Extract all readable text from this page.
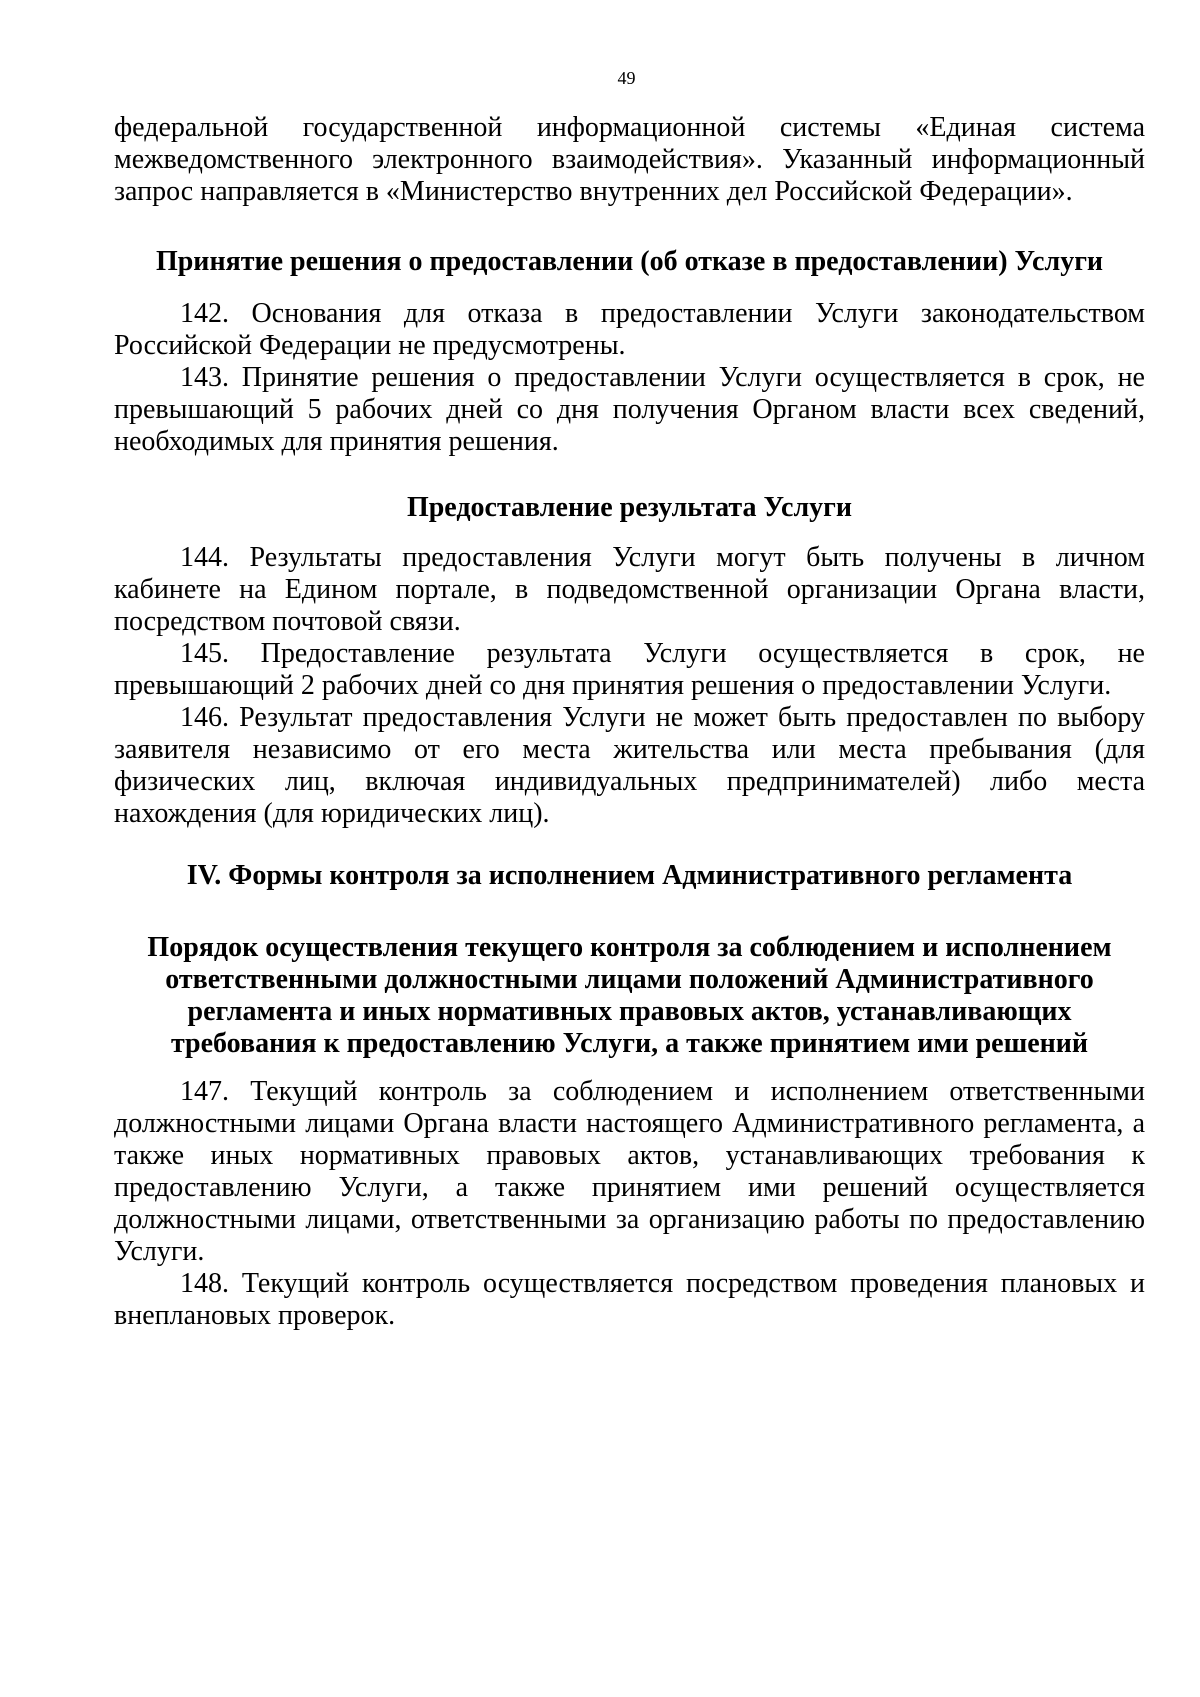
49

федеральной государственной информационной системы «Единая система межведомственного электронного взаимодействия». Указанный информационный запрос направляется в «Министерство внутренних дел Российской Федерации».

Принятие решения о предоставлении (об отказе в предоставлении) Услуги

142. Основания для отказа в предоставлении Услуги законодательством Российской Федерации не предусмотрены.

143. Принятие решения о предоставлении Услуги осуществляется в срок, не превышающий 5 рабочих дней со дня получения Органом власти всех сведений, необходимых для принятия решения.

Предоставление результата Услуги

144. Результаты предоставления Услуги могут быть получены в личном кабинете на Едином портале, в подведомственной организации Органа власти, посредством почтовой связи.

145. Предоставление результата Услуги осуществляется в срок, не превышающий 2 рабочих дней со дня принятия решения о предоставлении Услуги.

146. Результат предоставления Услуги не может быть предоставлен по выбору заявителя независимо от его места жительства или места пребывания (для физических лиц, включая индивидуальных предпринимателей) либо места нахождения (для юридических лиц).

IV. Формы контроля за исполнением Административного регламента
Порядок осуществления текущего контроля за соблюдением и исполнением
ответственными должностными лицами положений Административного
регламента и иных нормативных правовых актов, устанавливающих
требования к предоставлению Услуги, а также принятием ими решений

147. Текущий контроль за соблюдением и исполнением ответственными должностными лицами Органа власти настоящего Административного регламента, а также иных нормативных правовых актов, устанавливающих требования к предоставлению Услуги, а также принятием ими решений осуществляется должностными лицами, ответственными за организацию работы по предоставлению Услуги.

148. Текущий контроль осуществляется посредством проведения плановых и внеплановых проверок.
